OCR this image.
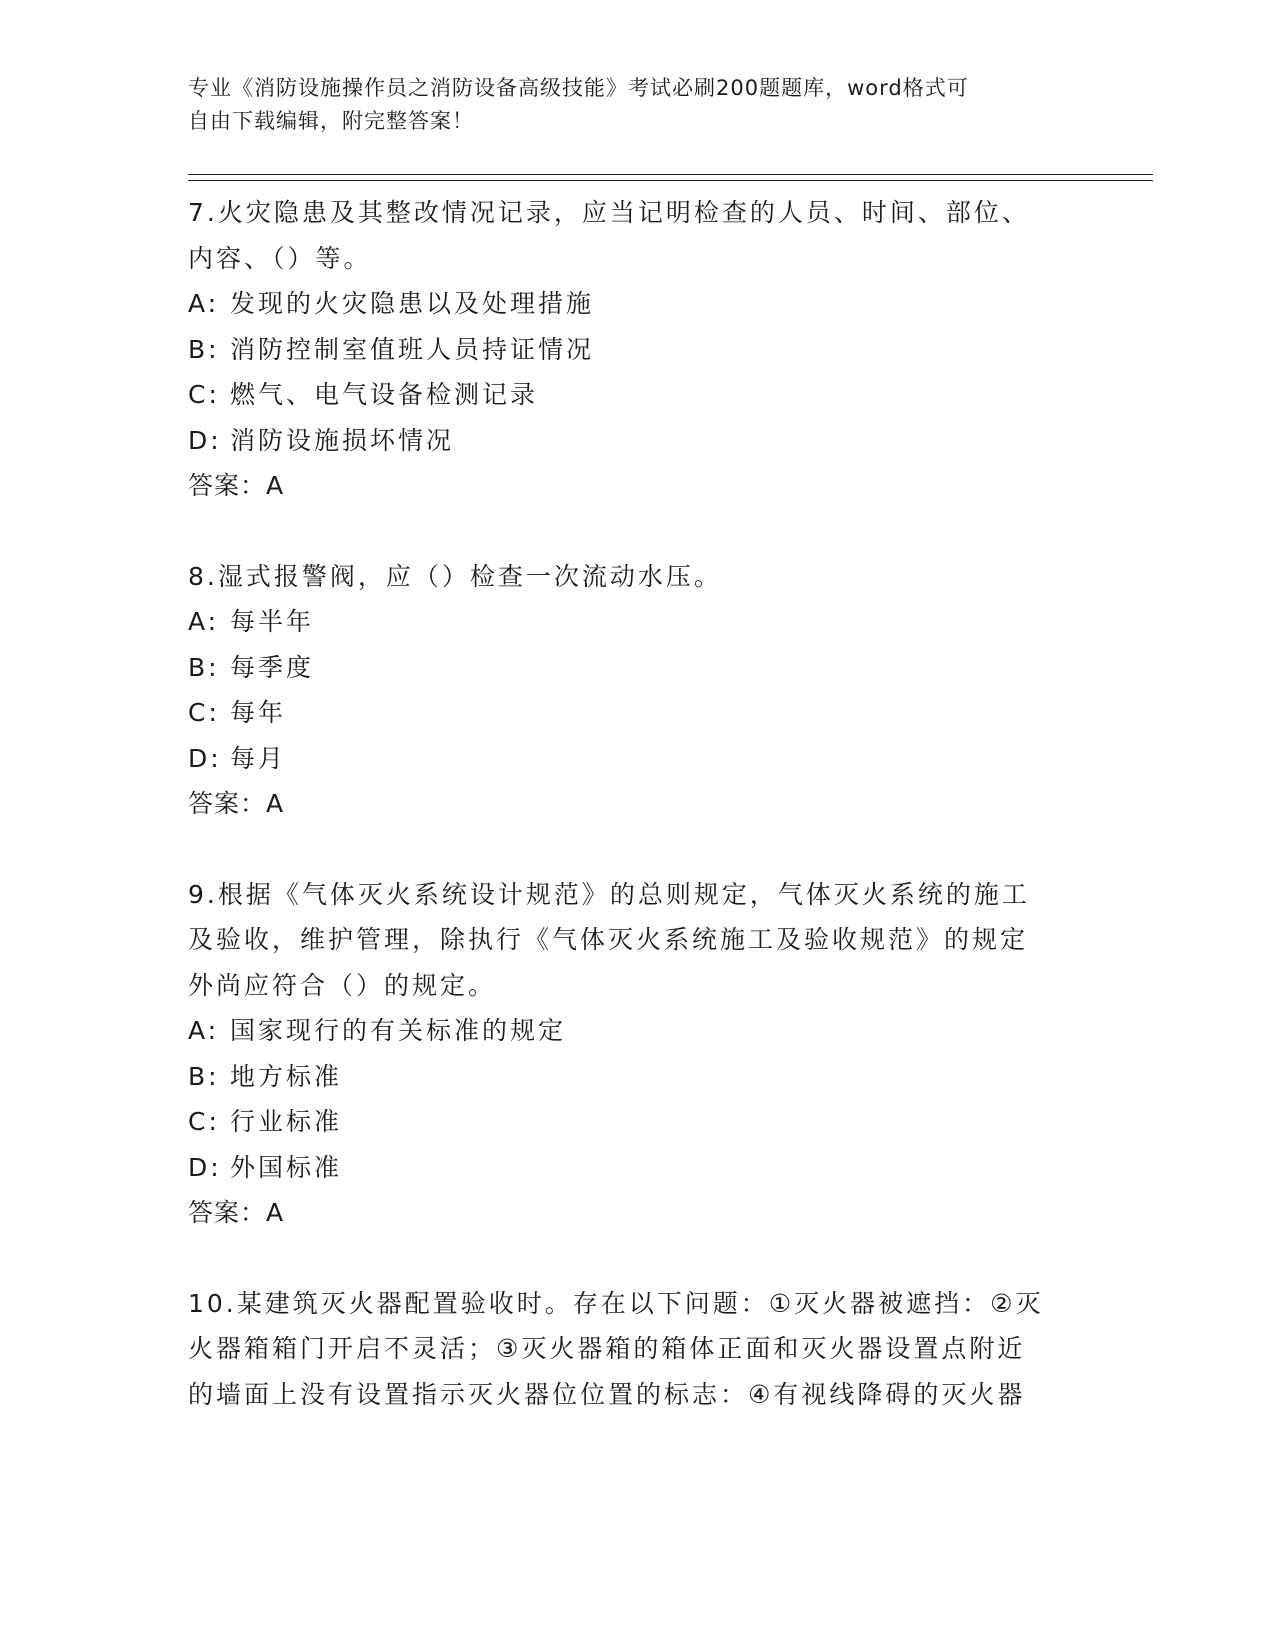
专业《消防设施操作员之消防设备高级技能》考试必刷200题题库，word格式可
自由下载编辑，附完整答案！
7.火灾隐患及其整改情况记录，应当记明检查的人员、时间、部位、
内容、（）等。
A: 发现的火灾隐患以及处理措施
B: 消防控制室值班人员持证情况
C: 燃气、电气设备检测记录
D: 消防设施损坏情况
答案：A
8.湿式报警阀，应（）检查一次流动水压。
A: 每半年
B: 每季度
C: 每年
D: 每月
答案：A
9.根据《气体灭火系统设计规范》的总则规定，气体灭火系统的施工
及验收，维护管理，除执行《气体灭火系统施工及验收规范》的规定
外尚应符合（）的规定。
A: 国家现行的有关标准的规定
B: 地方标准
C: 行业标准
D: 外国标准
答案：A
10.某建筑灭火器配置验收时。存在以下问题：①灭火器被遮挡：②灭
火器箱箱门开启不灵活；③灭火器箱的箱体正面和灭火器设置点附近
的墙面上没有设置指示灭火器位位置的标志：④有视线降碍的灭火器
